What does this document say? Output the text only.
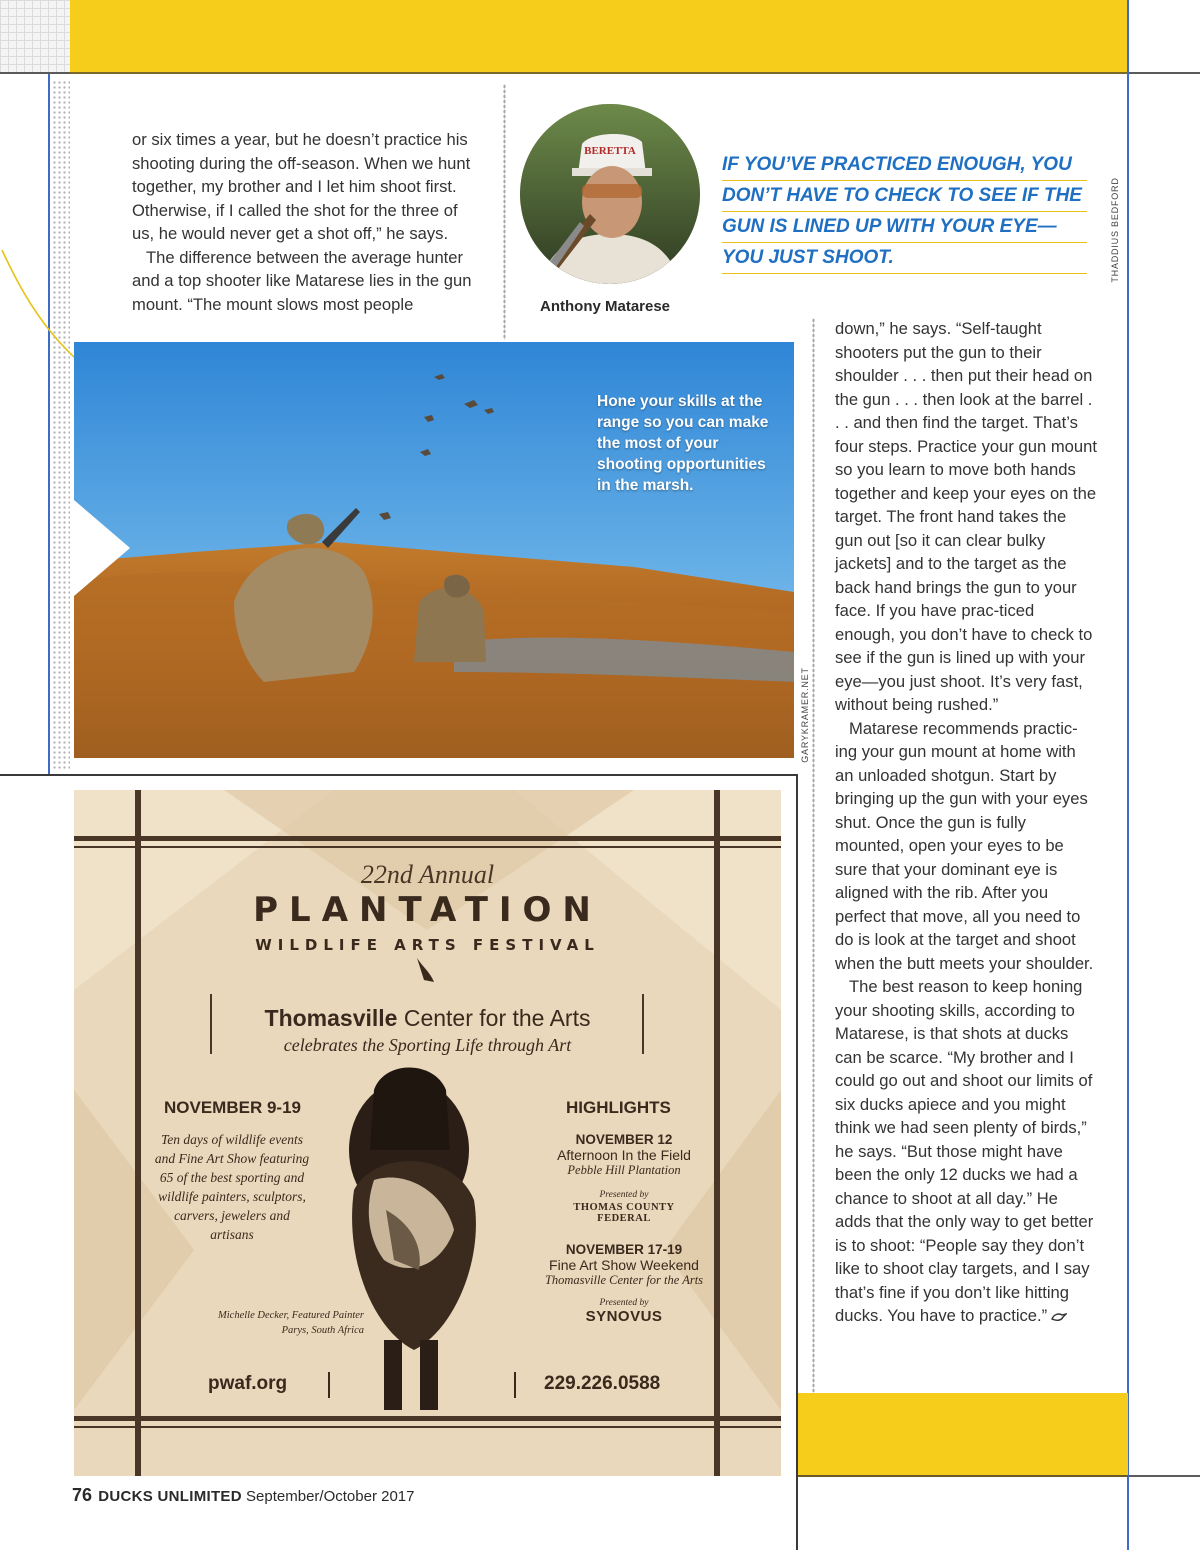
or six times a year, but he doesn’t practice his shooting during the off-season. When we hunt together, my brother and I let him shoot first. Otherwise, if I called the shot for the three of us, he would never get a shot off,” he says.

The difference between the average hunter and a top shooter like Matarese lies in the gun mount. “The mount slows most people

BERETTA
Anthony Matarese
IF YOU’VE PRACTICED ENOUGH, YOU
DON’T HAVE TO CHECK TO SEE IF THE
GUN IS LINED UP WITH YOUR EYE—
YOU JUST SHOOT.	THADDIUS BEDFORD
Hone your skills at the range so you can make the most of your shooting opportunities in the marsh.
GARYKRAMER.NET

down,” he says. “Self-taught shooters put the gun to their shoulder . . . then put their head on the gun . . . then look at the barrel . . . and then find the target. That’s four steps. Practice your gun mount so you learn to move both hands together and keep your eyes on the target. The front hand takes the gun out [so it can clear bulky jackets] and to the target as the back hand brings the gun to your face. If you have prac-ticed enough, you don’t have to check to see if the gun is lined up with your eye—you just shoot. It’s very fast, without being rushed.”

Matarese recommends practic-ing your gun mount at home with an unloaded shotgun. Start by bringing up the gun with your eyes shut. Once the gun is fully mounted, open your eyes to be sure that your dominant eye is aligned with the rib. After you perfect that move, all you need to do is look at the target and shoot when the butt meets your shoulder.

The best reason to keep honing your shooting skills, according to Matarese, is that shots at ducks can be scarce. “My brother and I could go out and shoot our limits of six ducks apiece and you might think we had seen plenty of birds,” he says. “But those might have been the only 12 ducks we had a chance to shoot at all day.” He adds that the only way to get better is to shoot: “People say they don’t like to shoot clay targets, and I say that’s fine if you don’t like hitting ducks. You have to practice.”

22nd Annual
PLANTATION
WILDLIFE ARTS FESTIVAL
Thomasville Center for the Arts
celebrates the Sporting Life through Art
NOVEMBER 9-19
Ten days of wildlife events and Fine Art Show featuring 65 of the best sporting and wildlife painters, sculptors, carvers, jewelers and artisans
Michelle Decker, Featured Painter
Parys, South Africa
HIGHLIGHTS
NOVEMBER 12
Afternoon In the Field
Pebble Hill Plantation
Presented by
THOMAS COUNTY
FEDERAL
NOVEMBER 17-19
Fine Art Show Weekend
Thomasville Center for the Arts
Presented by
SYNOVUS
pwaf.org	229.226.0588
76 DUCKS UNLIMITED September/October 2017
